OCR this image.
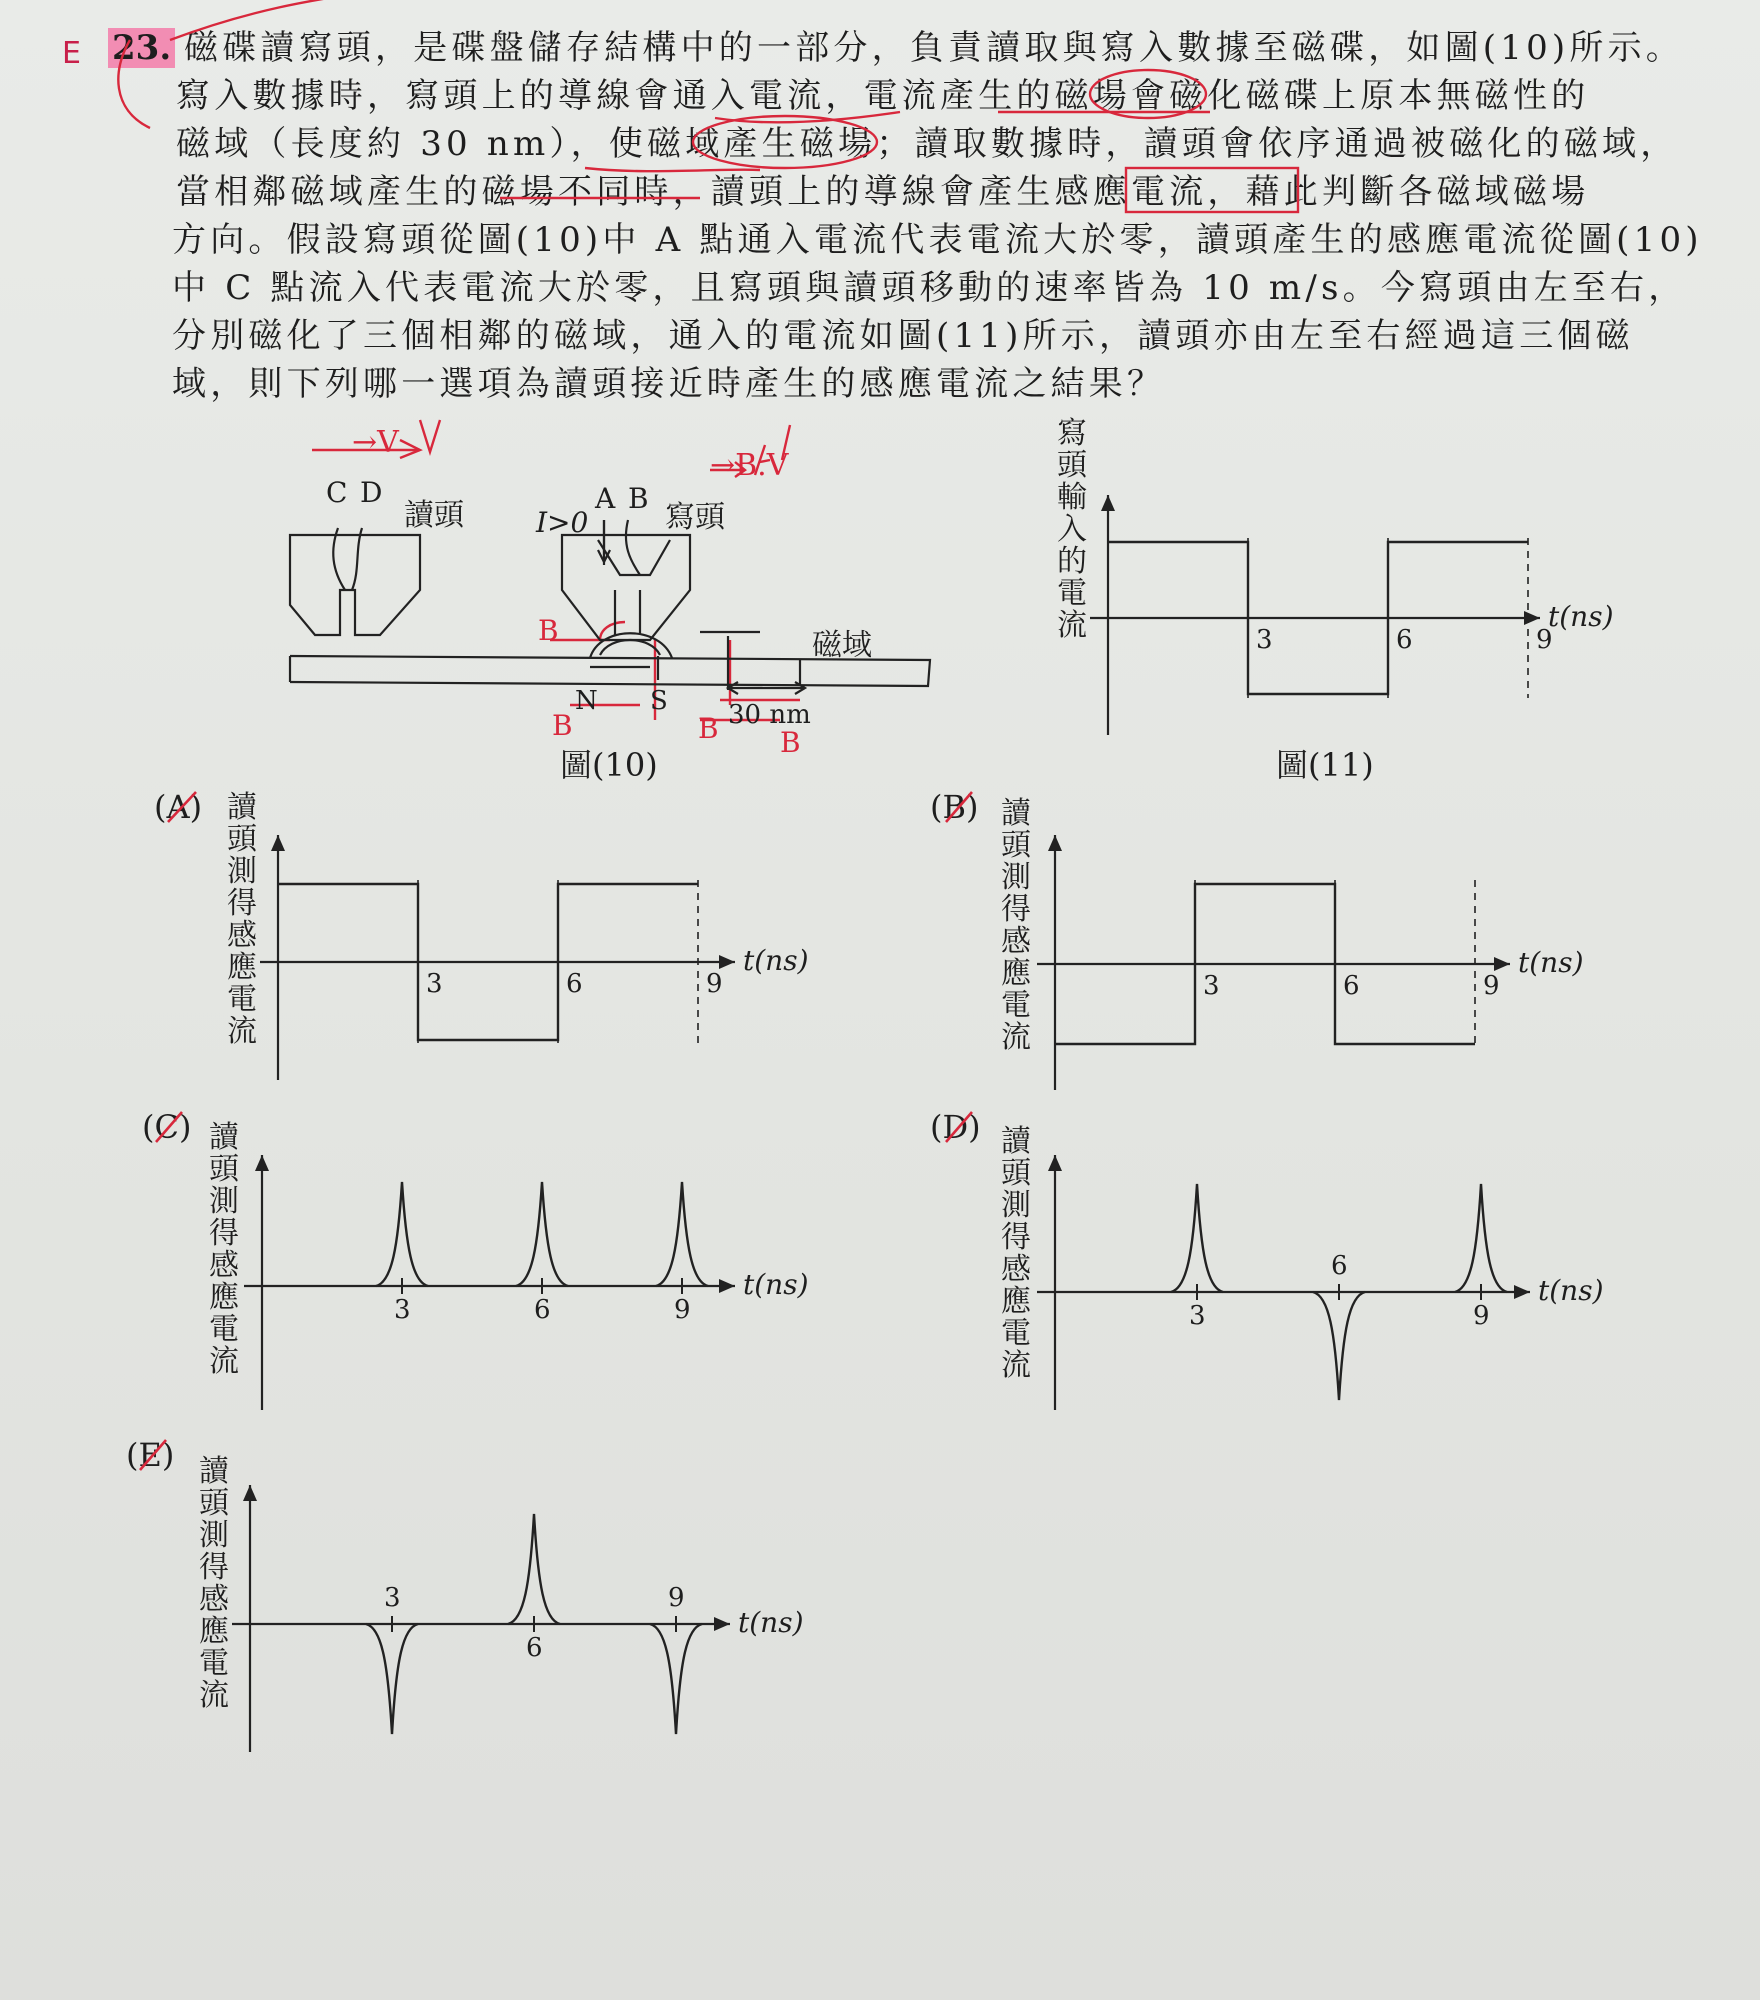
E 23. 磁碟讀寫頭，是碟盤儲存結構中的一部分，負責讀取與寫入數據至磁碟，如圖(10)所示。
寫入數據時，寫頭上的導線會通入電流，電流產生的磁場會磁化磁碟上原本無磁性的
磁域（長度約 30 nm），使磁域產生磁場；讀取數據時，讀頭會依序通過被磁化的磁域，
當相鄰磁域產生的磁場不同時，讀頭上的導線會產生感應電流，藉此判斷各磁域磁場
方向。假設寫頭從圖(10)中 A 點通入電流代表電流大於零，讀頭產生的感應電流從圖(10)
中 C 點流入代表電流大於零，且寫頭與讀頭移動的速率皆為 10 m/s。今寫頭由左至右，
分別磁化了三個相鄰的磁域，通入的電流如圖(11)所示，讀頭亦由左至右經過這三個磁
域，則下列哪一選項為讀頭接近時產生的感應電流之結果？
B
B	B B
C D
讀頭	A B
寫頭
I>0
磁域
N S 30 nm
圖(10)
→V
→B.V
寫頭輸入的電流
圖(11)
(A)	(B)
(C)	(D)
(E)
讀頭測得感應電流
讀頭測得感應電流
讀頭測得感應電流
讀頭測得感應電流
讀頭測得感應電流
t(ns)
3	6	9
t(ns)
3	6	9
t(ns)
3	6	9
t(ns)
3	6	9
t(ns)
3
6
9
t(ns)
3
6
9
